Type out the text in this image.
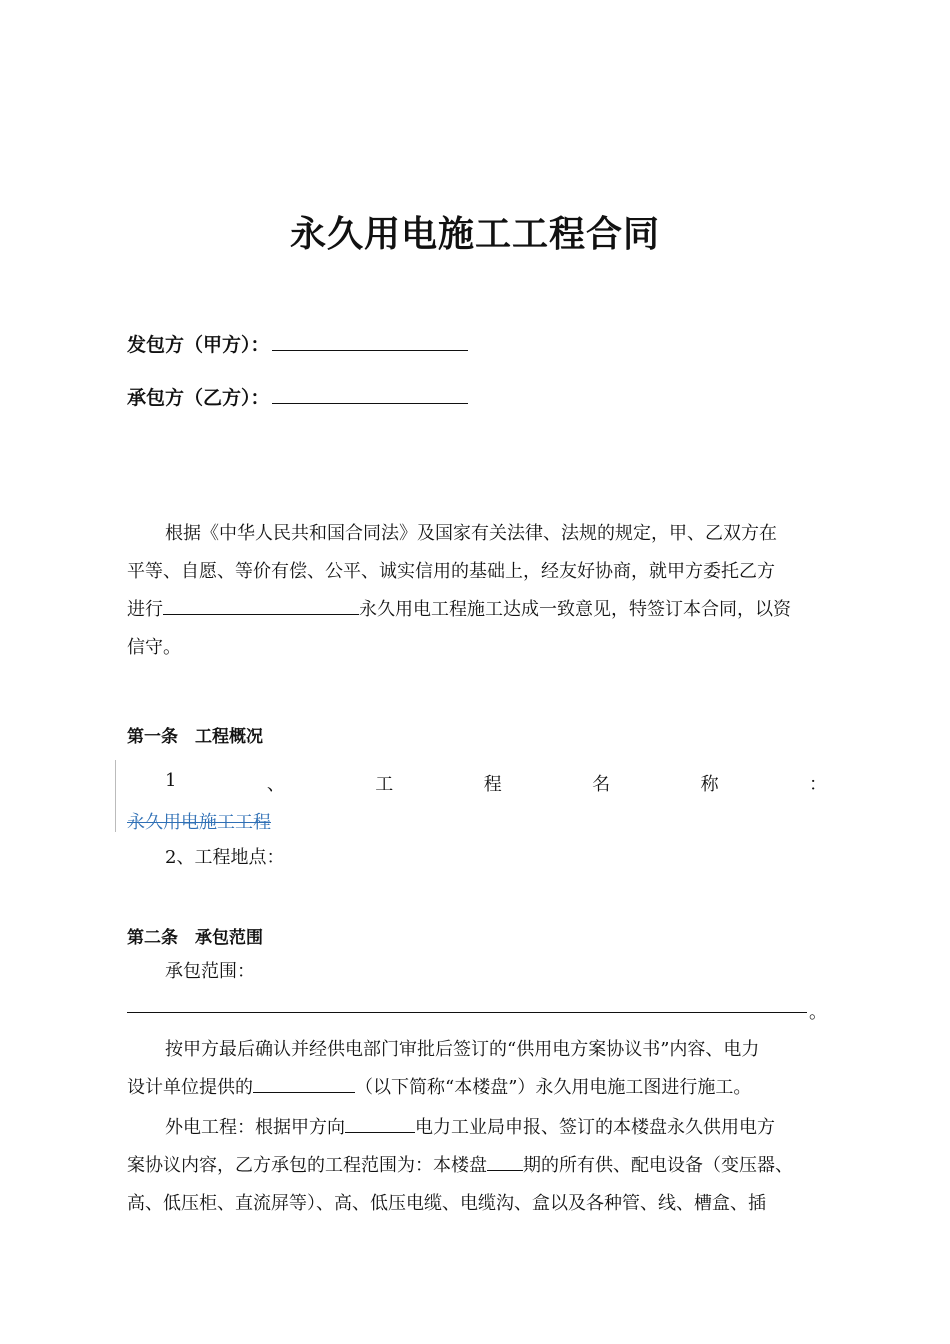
永久用电施工工程合同
发包方（甲方）：
承包方（乙方）：
根据《中华人民共和国合同法》及国家有关法律、法规的规定，甲、乙双方在
平等、自愿、等价有偿、公平、诚实信用的基础上，经友好协商，就甲方委托乙方
进行	永久用电工程施工达成一致意见，特签订本合同，以资
信守。
第一条　工程概况
1	、	工	程	名	称	：
永久用电施工工程
2、工程地点：
第二条　承包范围
承包范围：
。
按甲方最后确认并经供电部门审批后签订的“供用电方案协议书”内容、电力
设计单位提供的	（以下简称“本楼盘”）永久用电施工图进行施工。
外电工程：根据甲方向	电力工业局申报、签订的本楼盘永久供用电方
案协议内容，乙方承包的工程范围为：本楼盘 期的所有供、配电设备（变压器、
高、低压柜、直流屏等）、高、低压电缆、电缆沟、盒以及各种管、线、槽盒、插
